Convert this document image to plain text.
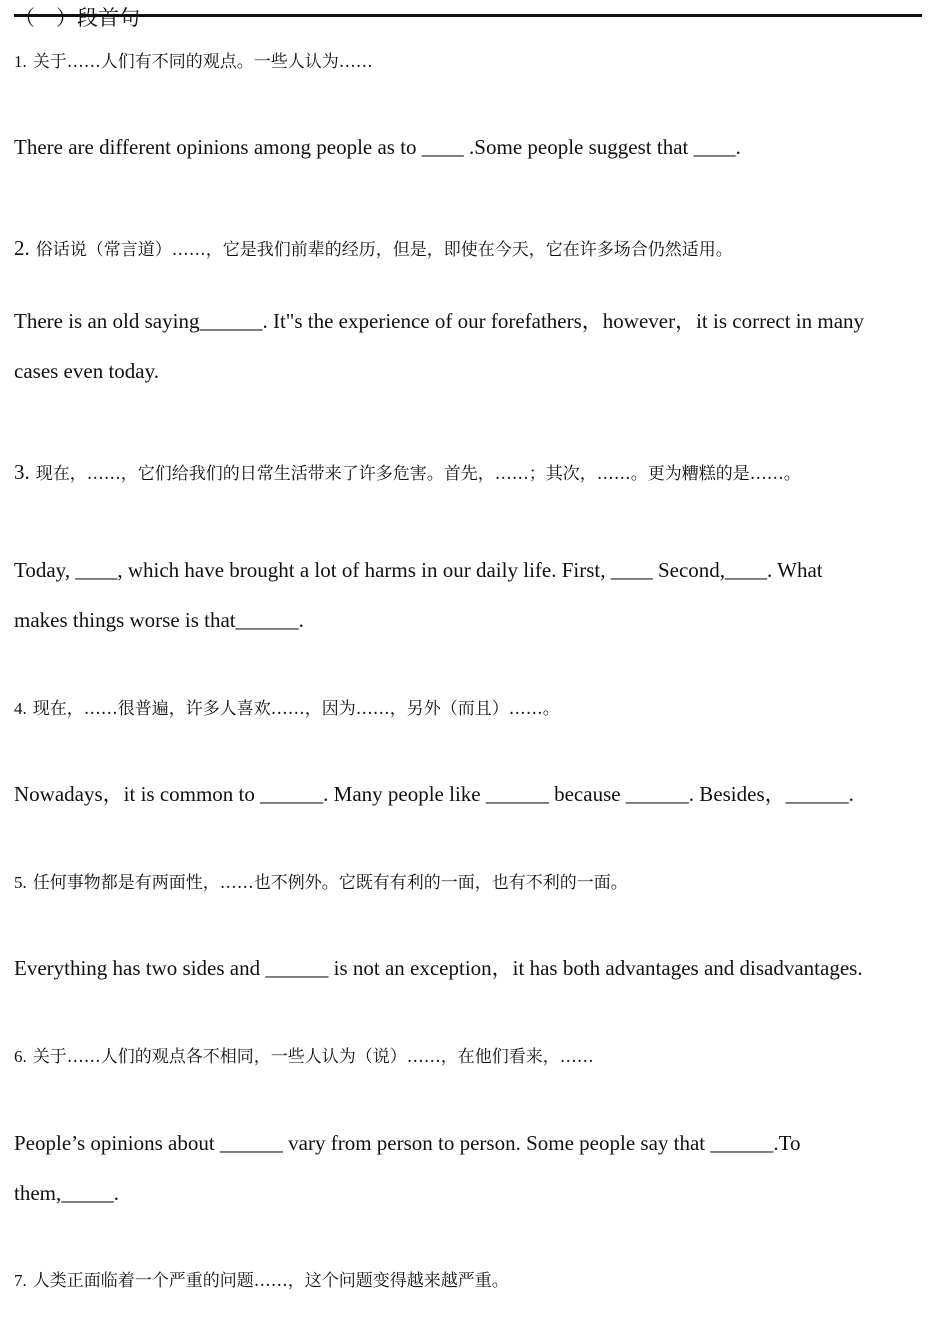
（一）段首句
1. 关于……人们有不同的观点。一些人认为……
There are different opinions among people as to ____ .Some people suggest that ____.
2. 俗话说（常言道）……，它是我们前辈的经历，但是，即使在今天，它在许多场合仍然适用。
There is an old saying______. It"s the experience of our forefathers，however，it is correct in many
cases even today.
3. 现在，……，它们给我们的日常生活带来了许多危害。首先，……；其次，……。更为糟糕的是……。
Today, ____, which have brought a lot of harms in our daily life. First, ____ Second,____. What
makes things worse is that______.
4. 现在，……很普遍，许多人喜欢……，因为……，另外（而且）……。
Nowadays，it is common to ______. Many people like ______ because ______. Besides，______.
5. 任何事物都是有两面性，……也不例外。它既有有利的一面，也有不利的一面。
Everything has two sides and ______ is not an exception，it has both advantages and disadvantages.
6. 关于……人们的观点各不相同，一些人认为（说）……，在他们看来，……
People’s opinions about ______ vary from person to person. Some people say that ______.To
them,_____.
7. 人类正面临着一个严重的问题……，这个问题变得越来越严重。
